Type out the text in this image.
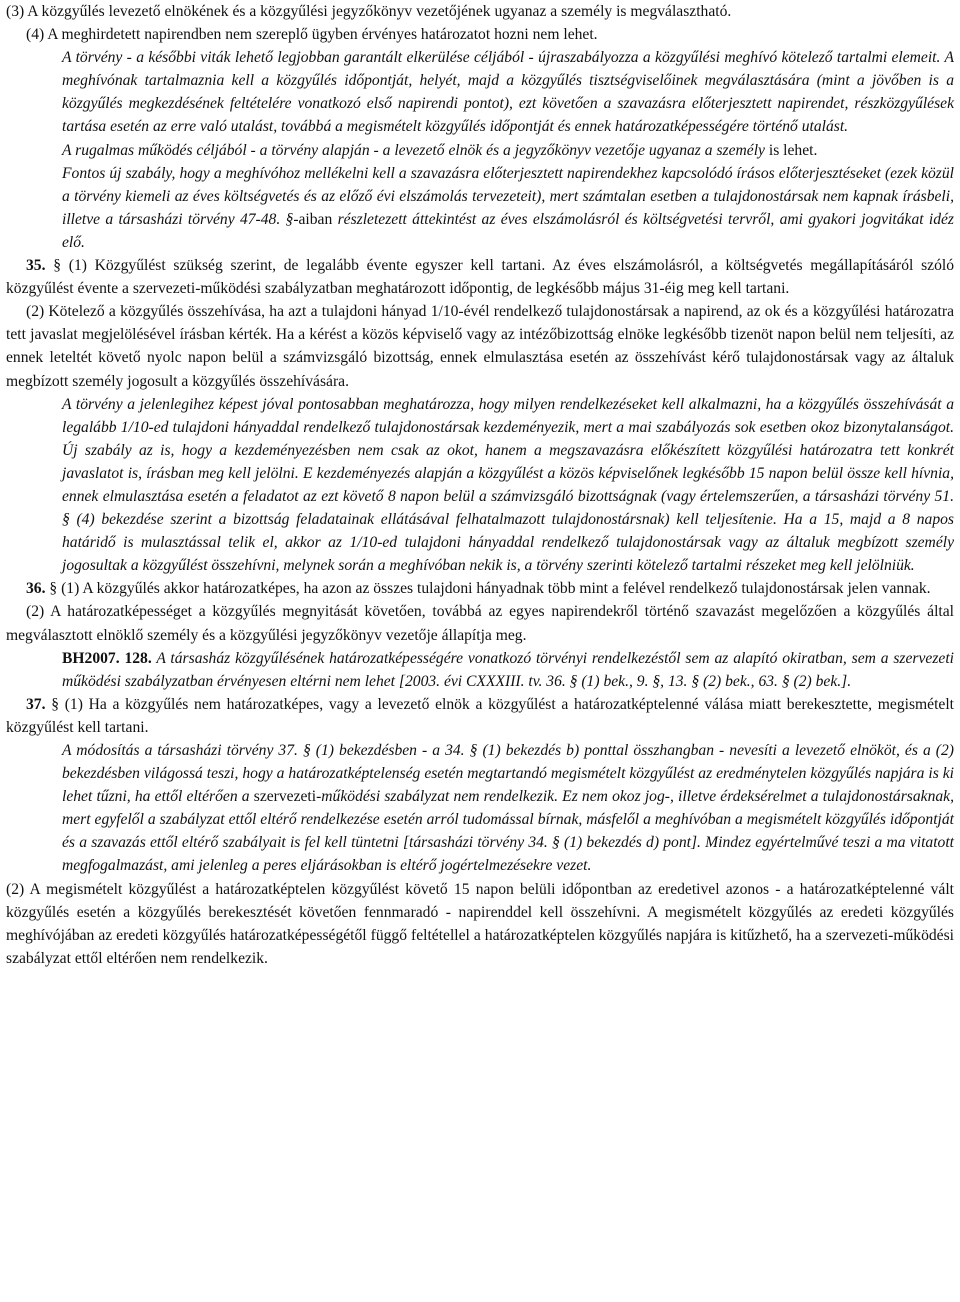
(3) A közgyűlés levezető elnökének és a közgyűlési jegyzőkönyv vezetőjének ugyanaz a személy is megválasztható.

(4) A meghirdetett napirendben nem szereplő ügyben érvényes határozatot hozni nem lehet.

A törvény - a későbbi viták lehető legjobban garantált elkerülése céljából - újraszabályozza a közgyűlési meghívó kötelező tartalmi elemeit. A meghívónak tartalmaznia kell a közgyűlés időpontját, helyét, majd a közgyűlés tisztségviselőinek megválasztására (mint a jövőben is a közgyűlés megkezdésének feltételére vonatkozó első napirendi pontot), ezt követően a szavazásra előterjesztett napirendet, részközgyűlések tartása esetén az erre való utalást, továbbá a megismételt közgyűlés időpontját és ennek határozatképességére történő utalást.

A rugalmas működés céljából - a törvény alapján - a levezető elnök és a jegyzőkönyv vezetője ugyanaz a személy is lehet.

Fontos új szabály, hogy a meghívóhoz mellékelni kell a szavazásra előterjesztett napirendekhez kapcsolódó írásos előterjesztéseket (ezek közül a törvény kiemeli az éves költségvetés és az előző évi elszámolás tervezeteit), mert számtalan esetben a tulajdonostársak nem kapnak írásbeli, illetve a társasházi törvény 47-48. §-aiban részletezett áttekintést az éves elszámolásról és költségvetési tervről, ami gyakori jogvitákat idéz elő.

35. § (1) Közgyűlést szükség szerint, de legalább évente egyszer kell tartani. Az éves elszámolásról, a költségvetés megállapításáról szóló közgyűlést évente a szervezeti-működési szabályzatban meghatározott időpontig, de legkésőbb május 31-éig meg kell tartani.

(2) Kötelező a közgyűlés összehívása, ha azt a tulajdoni hányad 1/10-évél rendelkező tulajdonostársak a napirend, az ok és a közgyűlési határozatra tett javaslat megjelölésével írásban kérték. Ha a kérést a közös képviselő vagy az intézőbizottság elnöke legkésőbb tizenöt napon belül nem teljesíti, az ennek leteltét követő nyolc napon belül a számvizsgáló bizottság, ennek elmulasztása esetén az összehívást kérő tulajdonostársak vagy az általuk megbízott személy jogosult a közgyűlés összehívására.

A törvény a jelenlegihez képest jóval pontosabban meghatározza, hogy milyen rendelkezéseket kell alkalmazni, ha a közgyűlés összehívását a legalább 1/10-ed tulajdoni hányaddal rendelkező tulajdonostársak kezdeményezik, mert a mai szabályozás sok esetben okoz bizonytalanságot. Új szabály az is, hogy a kezdeményezésben nem csak az okot, hanem a megszavazásra előkészített közgyűlési határozatra tett konkrét javaslatot is, írásban meg kell jelölni. E kezdeményezés alapján a közgyűlést a közös képviselőnek legkésőbb 15 napon belül össze kell hívnia, ennek elmulasztása esetén a feladatot az ezt követő 8 napon belül a számvizsgáló bizottságnak (vagy értelemszerűen, a társasházi törvény 51. § (4) bekezdése szerint a bizottság feladatainak ellátásával felhatalmazott tulajdonostársnak) kell teljesítenie. Ha a 15, majd a 8 napos határidő is mulasztással telik el, akkor az 1/10-ed tulajdoni hányaddal rendelkező tulajdonostársak vagy az általuk megbízott személy jogosultak a közgyűlést összehívni, melynek során a meghívóban nekik is, a törvény szerinti kötelező tartalmi részeket meg kell jelölniük.

36. § (1) A közgyűlés akkor határozatképes, ha azon az összes tulajdoni hányadnak több mint a felével rendelkező tulajdonostársak jelen vannak.

(2) A határozatképességet a közgyűlés megnyitását követően, továbbá az egyes napirendekről történő szavazást megelőzően a közgyűlés által megválasztott elnöklő személy és a közgyűlési jegyzőkönyv vezetője állapítja meg.

BH2007. 128. A társasház közgyűlésének határozatképességére vonatkozó törvényi rendelkezéstől sem az alapító okiratban, sem a szervezeti működési szabályzatban érvényesen eltérni nem lehet [2003. évi CXXXIII. tv. 36. § (1) bek., 9. §, 13. § (2) bek., 63. § (2) bek.].

37. § (1) Ha a közgyűlés nem határozatképes, vagy a levezető elnök a közgyűlést a határozatképtelenné válása miatt berekesztette, megismételt közgyűlést kell tartani.

A módosítás a társasházi törvény 37. § (1) bekezdésben - a 34. § (1) bekezdés b) ponttal összhangban - nevesíti a levezető elnököt, és a (2) bekezdésben világossá teszi, hogy a határozatképtelenség esetén megtartandó megismételt közgyűlést az eredménytelen közgyűlés napjára is ki lehet tűzni, ha ettől eltérően a szervezeti-működési szabályzat nem rendelkezik. Ez nem okoz jog-, illetve érdeksérelmet a tulajdonostársaknak, mert egyfelől a szabályzat ettől eltérő rendelkezése esetén arról tudomással bírnak, másfelől a meghívóban a megismételt közgyűlés időpontját és a szavazás ettől eltérő szabályait is fel kell tüntetni [társasházi törvény 34. § (1) bekezdés d) pont]. Mindez egyértelművé teszi a ma vitatott megfogalmazást, ami jelenleg a peres eljárásokban is eltérő jogértelmezésekre vezet.

(2) A megismételt közgyűlést a határozatképtelen közgyűlést követő 15 napon belüli időpontban az eredetivel azonos - a határozatképtelenné vált közgyűlés esetén a közgyűlés berekesztését követően fennmaradó - napirenddel kell összehívni. A megismételt közgyűlés az eredeti közgyűlés meghívójában az eredeti közgyűlés határozatképességétől függő feltétellel a határozatképtelen közgyűlés napjára is kitűzhető, ha a szervezeti-működési szabályzat ettől eltérően nem rendelkezik.
